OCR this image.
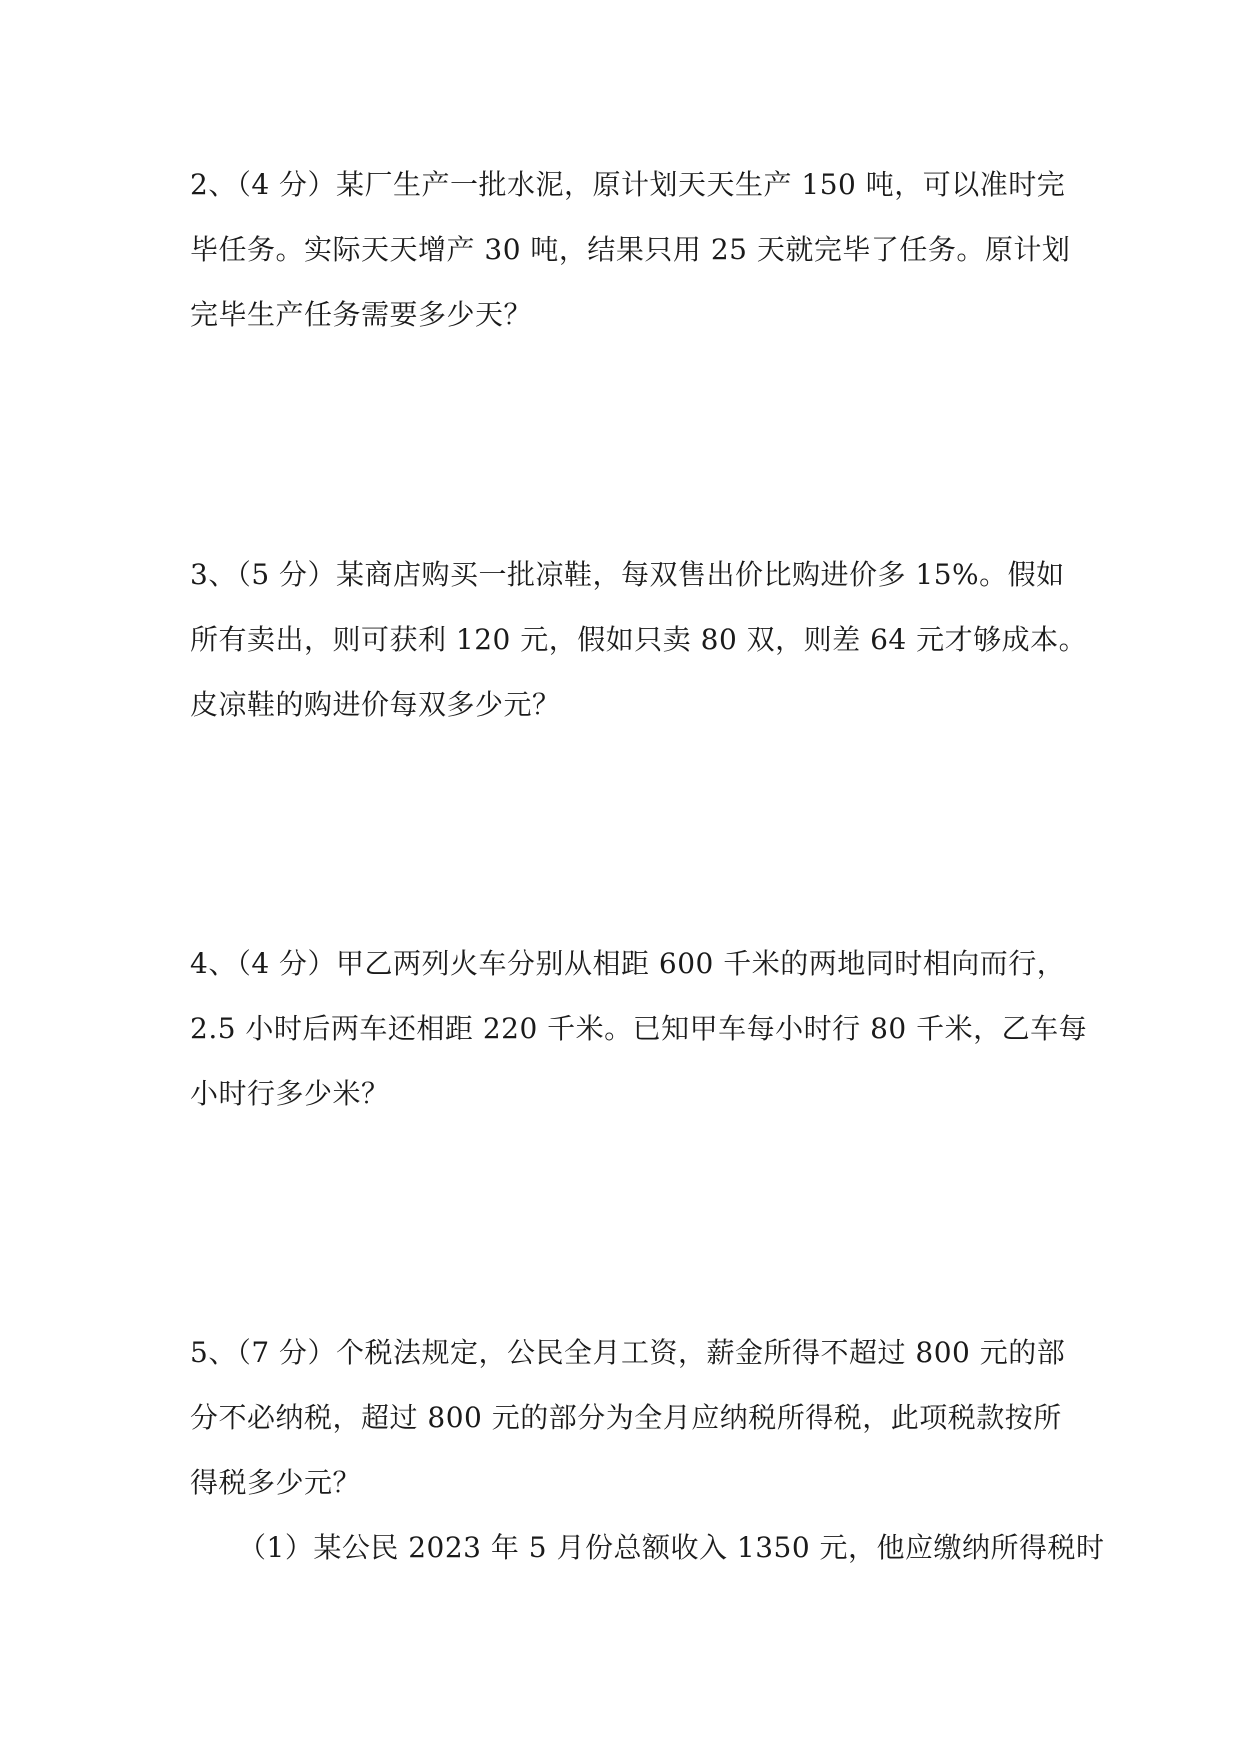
2、（4 分）某厂生产一批水泥，原计划天天生产 150 吨，可以准时完
毕任务。实际天天增产 30 吨，结果只用 25 天就完毕了任务。原计划
完毕生产任务需要多少天？
3、（5 分）某商店购买一批凉鞋，每双售出价比购进价多 15%。假如
所有卖出，则可获利 120 元，假如只卖 80 双，则差 64 元才够成本。
皮凉鞋的购进价每双多少元？
4、（4 分）甲乙两列火车分别从相距 600 千米的两地同时相向而行，
2.5 小时后两车还相距 220 千米。已知甲车每小时行 80 千米，乙车每
小时行多少米？
5、（7 分）个税法规定，公民全月工资，薪金所得不超过 800 元的部
分不必纳税，超过 800 元的部分为全月应纳税所得税，此项税款按所
得税多少元？
（1）某公民 2023 年 5 月份总额收入 1350 元，他应缴纳所得税时
